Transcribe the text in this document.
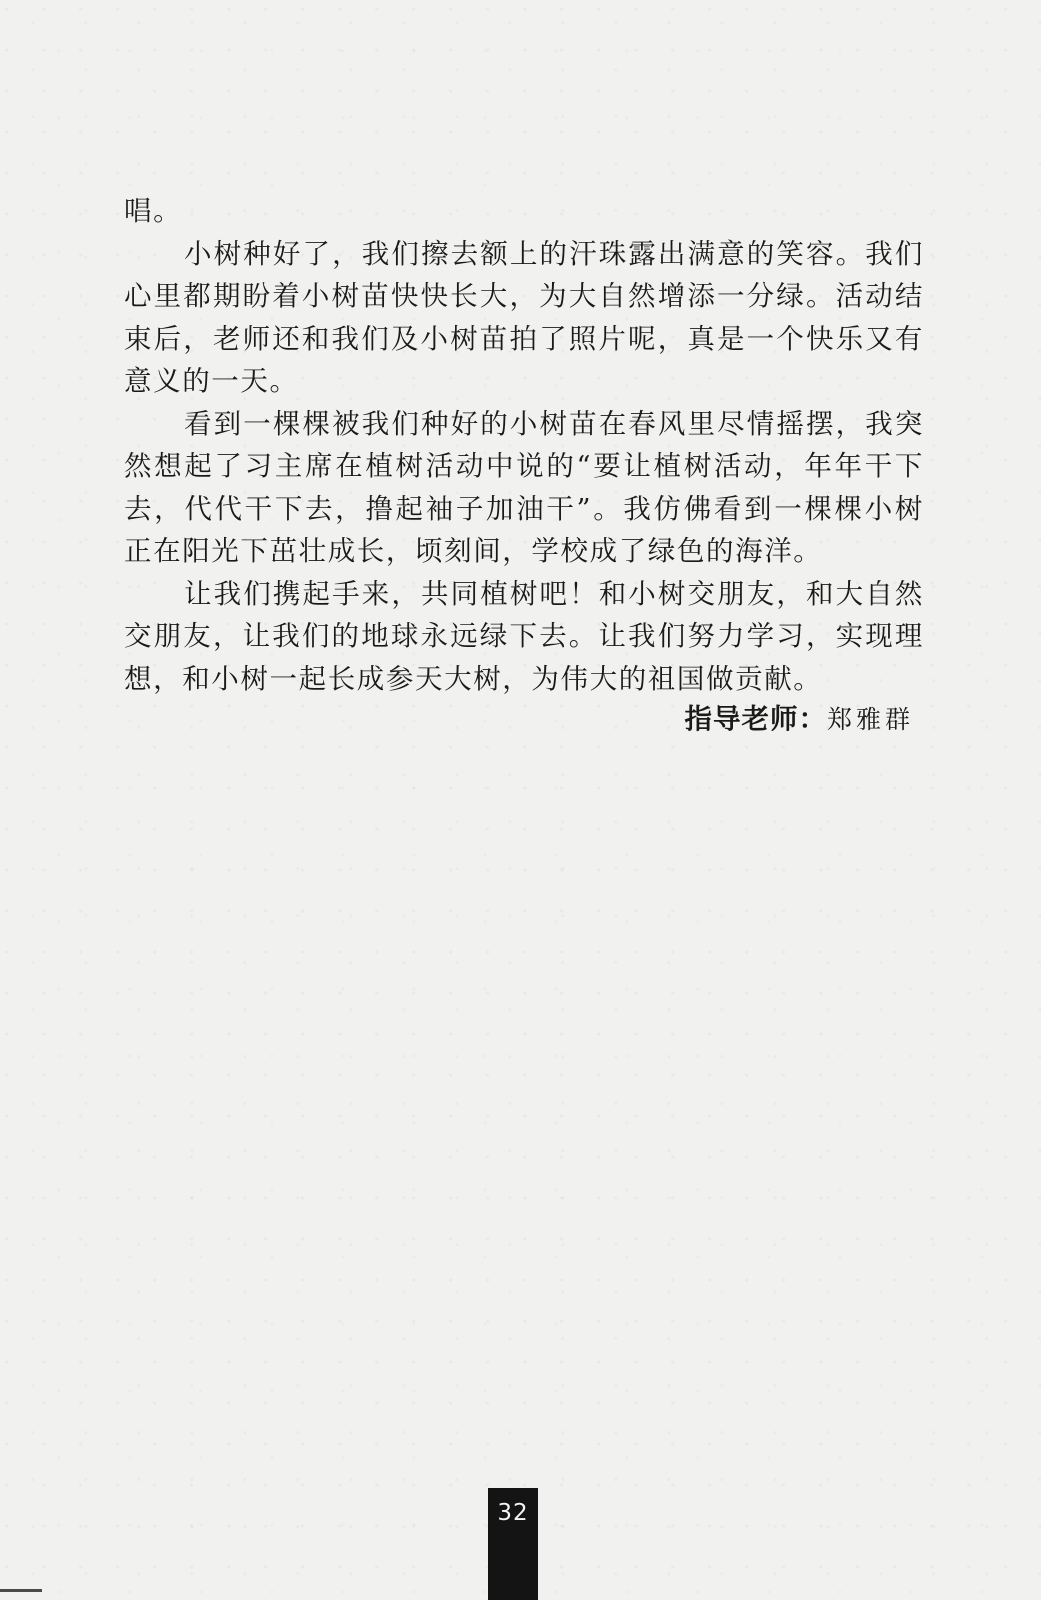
唱。

小树种好了，我们擦去额上的汗珠露出满意的笑容。我们心里都期盼着小树苗快快长大，为大自然增添一分绿。活动结束后，老师还和我们及小树苗拍了照片呢，真是一个快乐又有意义的一天。

看到一棵棵被我们种好的小树苗在春风里尽情摇摆，我突然想起了习主席在植树活动中说的“要让植树活动，年年干下去，代代干下去，撸起袖子加油干”。我仿佛看到一棵棵小树正在阳光下茁壮成长，顷刻间，学校成了绿色的海洋。

让我们携起手来，共同植树吧！和小树交朋友，和大自然交朋友，让我们的地球永远绿下去。让我们努力学习，实现理想，和小树一起长成参天大树，为伟大的祖国做贡献。

指导老师：郑雅群

32
